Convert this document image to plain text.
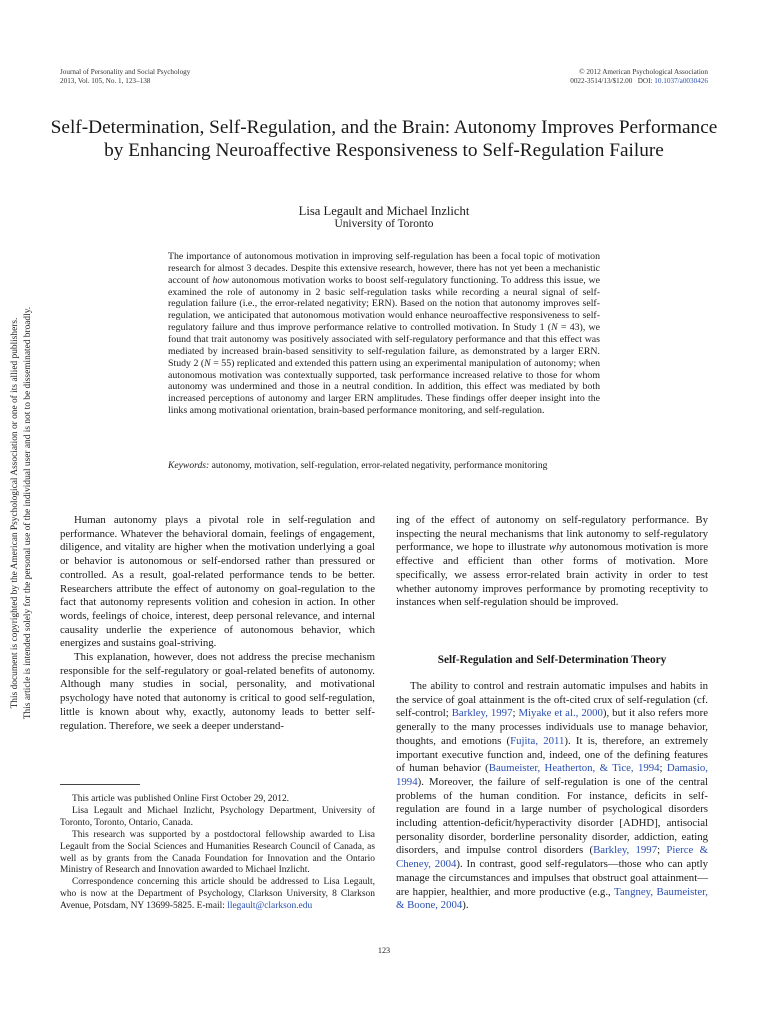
This document is copyrighted by the American Psychological Association or one of its allied publishers. This article is intended solely for the personal use of the individual user and is not to be disseminated broadly.
Journal of Personality and Social Psychology
2013, Vol. 105, No. 1, 123–138
© 2012 American Psychological Association
0022-3514/13/$12.00 DOI: 10.1037/a0030426
Self-Determination, Self-Regulation, and the Brain: Autonomy Improves Performance by Enhancing Neuroaffective Responsiveness to Self-Regulation Failure
Lisa Legault and Michael Inzlicht
University of Toronto
The importance of autonomous motivation in improving self-regulation has been a focal topic of motivation research for almost 3 decades. Despite this extensive research, however, there has not yet been a mechanistic account of how autonomous motivation works to boost self-regulatory functioning. To address this issue, we examined the role of autonomy in 2 basic self-regulation tasks while recording a neural signal of self-regulation failure (i.e., the error-related negativity; ERN). Based on the notion that autonomy improves self-regulation, we anticipated that autonomous motivation would enhance neuroaffective responsiveness to self-regulatory failure and thus improve performance relative to controlled motivation. In Study 1 (N = 43), we found that trait autonomy was positively associated with self-regulatory performance and that this effect was mediated by increased brain-based sensitivity to self-regulation failure, as demonstrated by a larger ERN. Study 2 (N = 55) replicated and extended this pattern using an experimental manipulation of autonomy; when autonomous motivation was contextually supported, task performance increased relative to those for whom autonomy was undermined and those in a neutral condition. In addition, this effect was mediated by both increased perceptions of autonomy and larger ERN amplitudes. These findings offer deeper insight into the links among motivational orientation, brain-based performance monitoring, and self-regulation.
Keywords: autonomy, motivation, self-regulation, error-related negativity, performance monitoring

Human autonomy plays a pivotal role in self-regulation and performance. Whatever the behavioral domain, feelings of engagement, diligence, and vitality are higher when the motivation underlying a goal or behavior is autonomous or self-endorsed rather than pressured or controlled. As a result, goal-related performance tends to be better. Researchers attribute the effect of autonomy on goal-regulation to the fact that autonomy represents volition and cohesion in action. In other words, feelings of choice, interest, deep personal relevance, and internal causality underlie the experience of autonomous behavior, which energizes and sustains goal-striving.

This explanation, however, does not address the precise mechanism responsible for the self-regulatory or goal-related benefits of autonomy. Although many studies in social, personality, and motivational psychology have noted that autonomy is critical to good self-regulation, little is known about why, exactly, autonomy leads to better self-regulation. Therefore, we seek a deeper understand-

ing of the effect of autonomy on self-regulatory performance. By inspecting the neural mechanisms that link autonomy to self-regulatory performance, we hope to illustrate why autonomous motivation is more effective and efficient than other forms of motivation. More specifically, we assess error-related brain activity in order to test whether autonomy improves performance by promoting receptivity to instances when self-regulation should be improved.

Self-Regulation and Self-Determination Theory

The ability to control and restrain automatic impulses and habits in the service of goal attainment is the oft-cited crux of self-regulation (cf. self-control; Barkley, 1997; Miyake et al., 2000), but it also refers more generally to the many processes individuals use to manage behavior, thoughts, and emotions (Fujita, 2011). It is, therefore, an extremely important executive function and, indeed, one of the defining features of human behavior (Baumeister, Heatherton, & Tice, 1994; Damasio, 1994). Moreover, the failure of self-regulation is one of the central problems of the human condition. For instance, deficits in self-regulation are found in a large number of psychological disorders including attention-deficit/hyperactivity disorder [ADHD], antisocial personality disorder, borderline personality disorder, addiction, eating disorders, and impulse control disorders (Barkley, 1997; Pierce & Cheney, 2004). In contrast, good self-regulators—those who can aptly manage the circumstances and impulses that obstruct goal attainment—are happier, healthier, and more productive (e.g., Tangney, Baumeister, & Boone, 2004).

This article was published Online First October 29, 2012.

Lisa Legault and Michael Inzlicht, Psychology Department, University of Toronto, Toronto, Ontario, Canada.

This research was supported by a postdoctoral fellowship awarded to Lisa Legault from the Social Sciences and Humanities Research Council of Canada, as well as by grants from the Canada Foundation for Innovation and the Ontario Ministry of Research and Innovation awarded to Michael Inzlicht.

Correspondence concerning this article should be addressed to Lisa Legault, who is now at the Department of Psychology, Clarkson University, 8 Clarkson Avenue, Potsdam, NY 13699-5825. E-mail: llegault@clarkson.edu

123
